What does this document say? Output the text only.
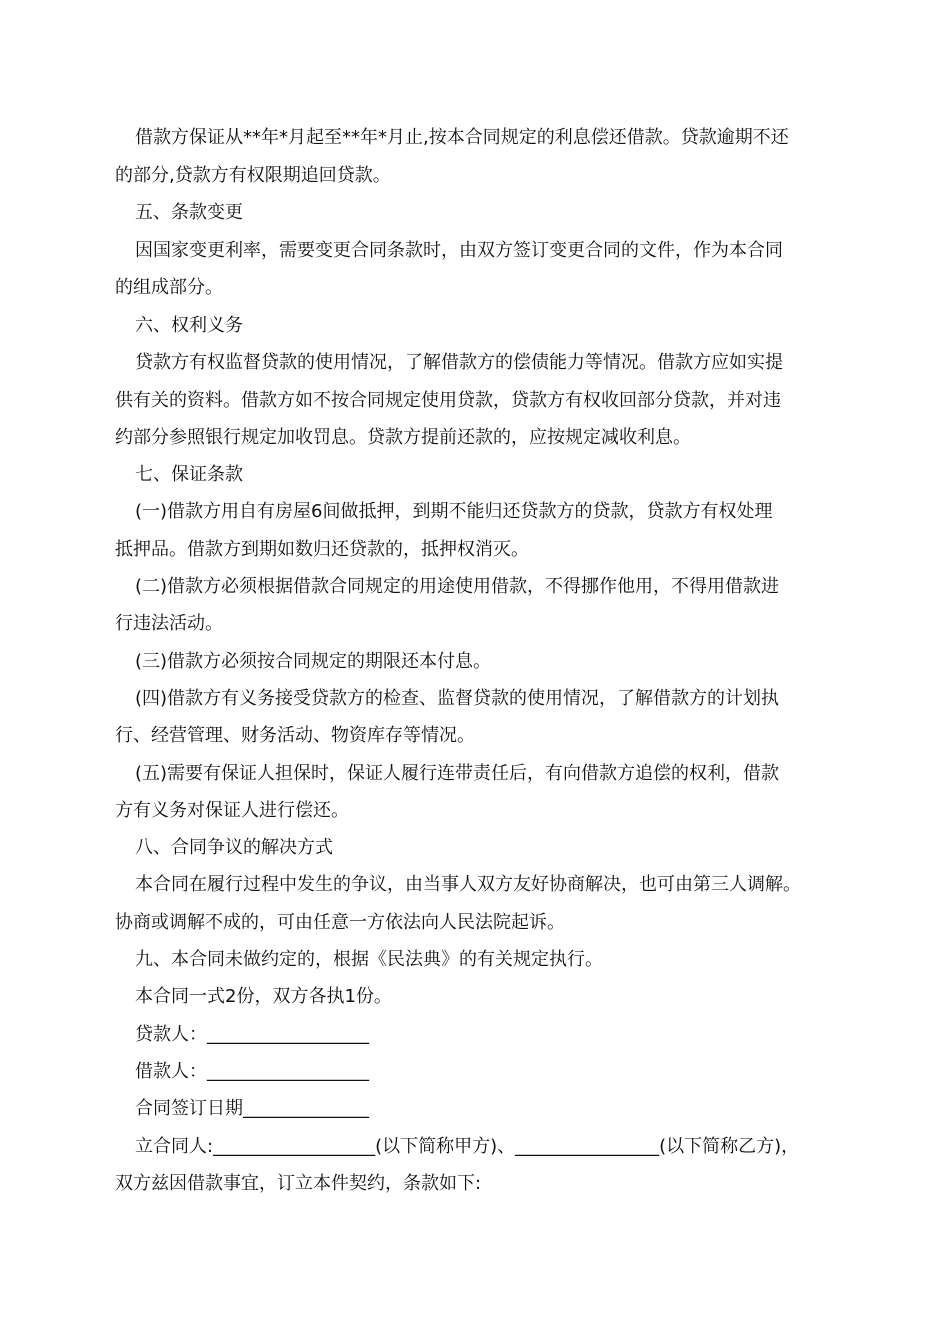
借款方保证从**年*月起至**年*月止,按本合同规定的利息偿还借款。贷款逾期不还
的部分,贷款方有权限期追回贷款。
五、条款变更
因国家变更利率，需要变更合同条款时，由双方签订变更合同的文件，作为本合同
的组成部分。
六、权利义务
贷款方有权监督贷款的使用情况，了解借款方的偿债能力等情况。借款方应如实提
供有关的资料。借款方如不按合同规定使用贷款，贷款方有权收回部分贷款，并对违
约部分参照银行规定加收罚息。贷款方提前还款的，应按规定减收利息。
七、保证条款
(一)借款方用自有房屋6间做抵押，到期不能归还贷款方的贷款，贷款方有权处理
抵押品。借款方到期如数归还贷款的，抵押权消灭。
(二)借款方必须根据借款合同规定的用途使用借款，不得挪作他用，不得用借款进
行违法活动。
(三)借款方必须按合同规定的期限还本付息。
(四)借款方有义务接受贷款方的检查、监督贷款的使用情况，了解借款方的计划执
行、经营管理、财务活动、物资库存等情况。
(五)需要有保证人担保时，保证人履行连带责任后，有向借款方追偿的权利，借款
方有义务对保证人进行偿还。
八、合同争议的解决方式
本合同在履行过程中发生的争议，由当事人双方友好协商解决，也可由第三人调解。
协商或调解不成的，可由任意一方依法向人民法院起诉。
九、本合同未做约定的，根据《民法典》的有关规定执行。
本合同一式2份，双方各执1份。
贷款人：__________________
借款人：__________________
合同签订日期______________
立合同人:__________________(以下简称甲方)、________________(以下简称乙方)，
双方兹因借款事宜，订立本件契约，条款如下:
